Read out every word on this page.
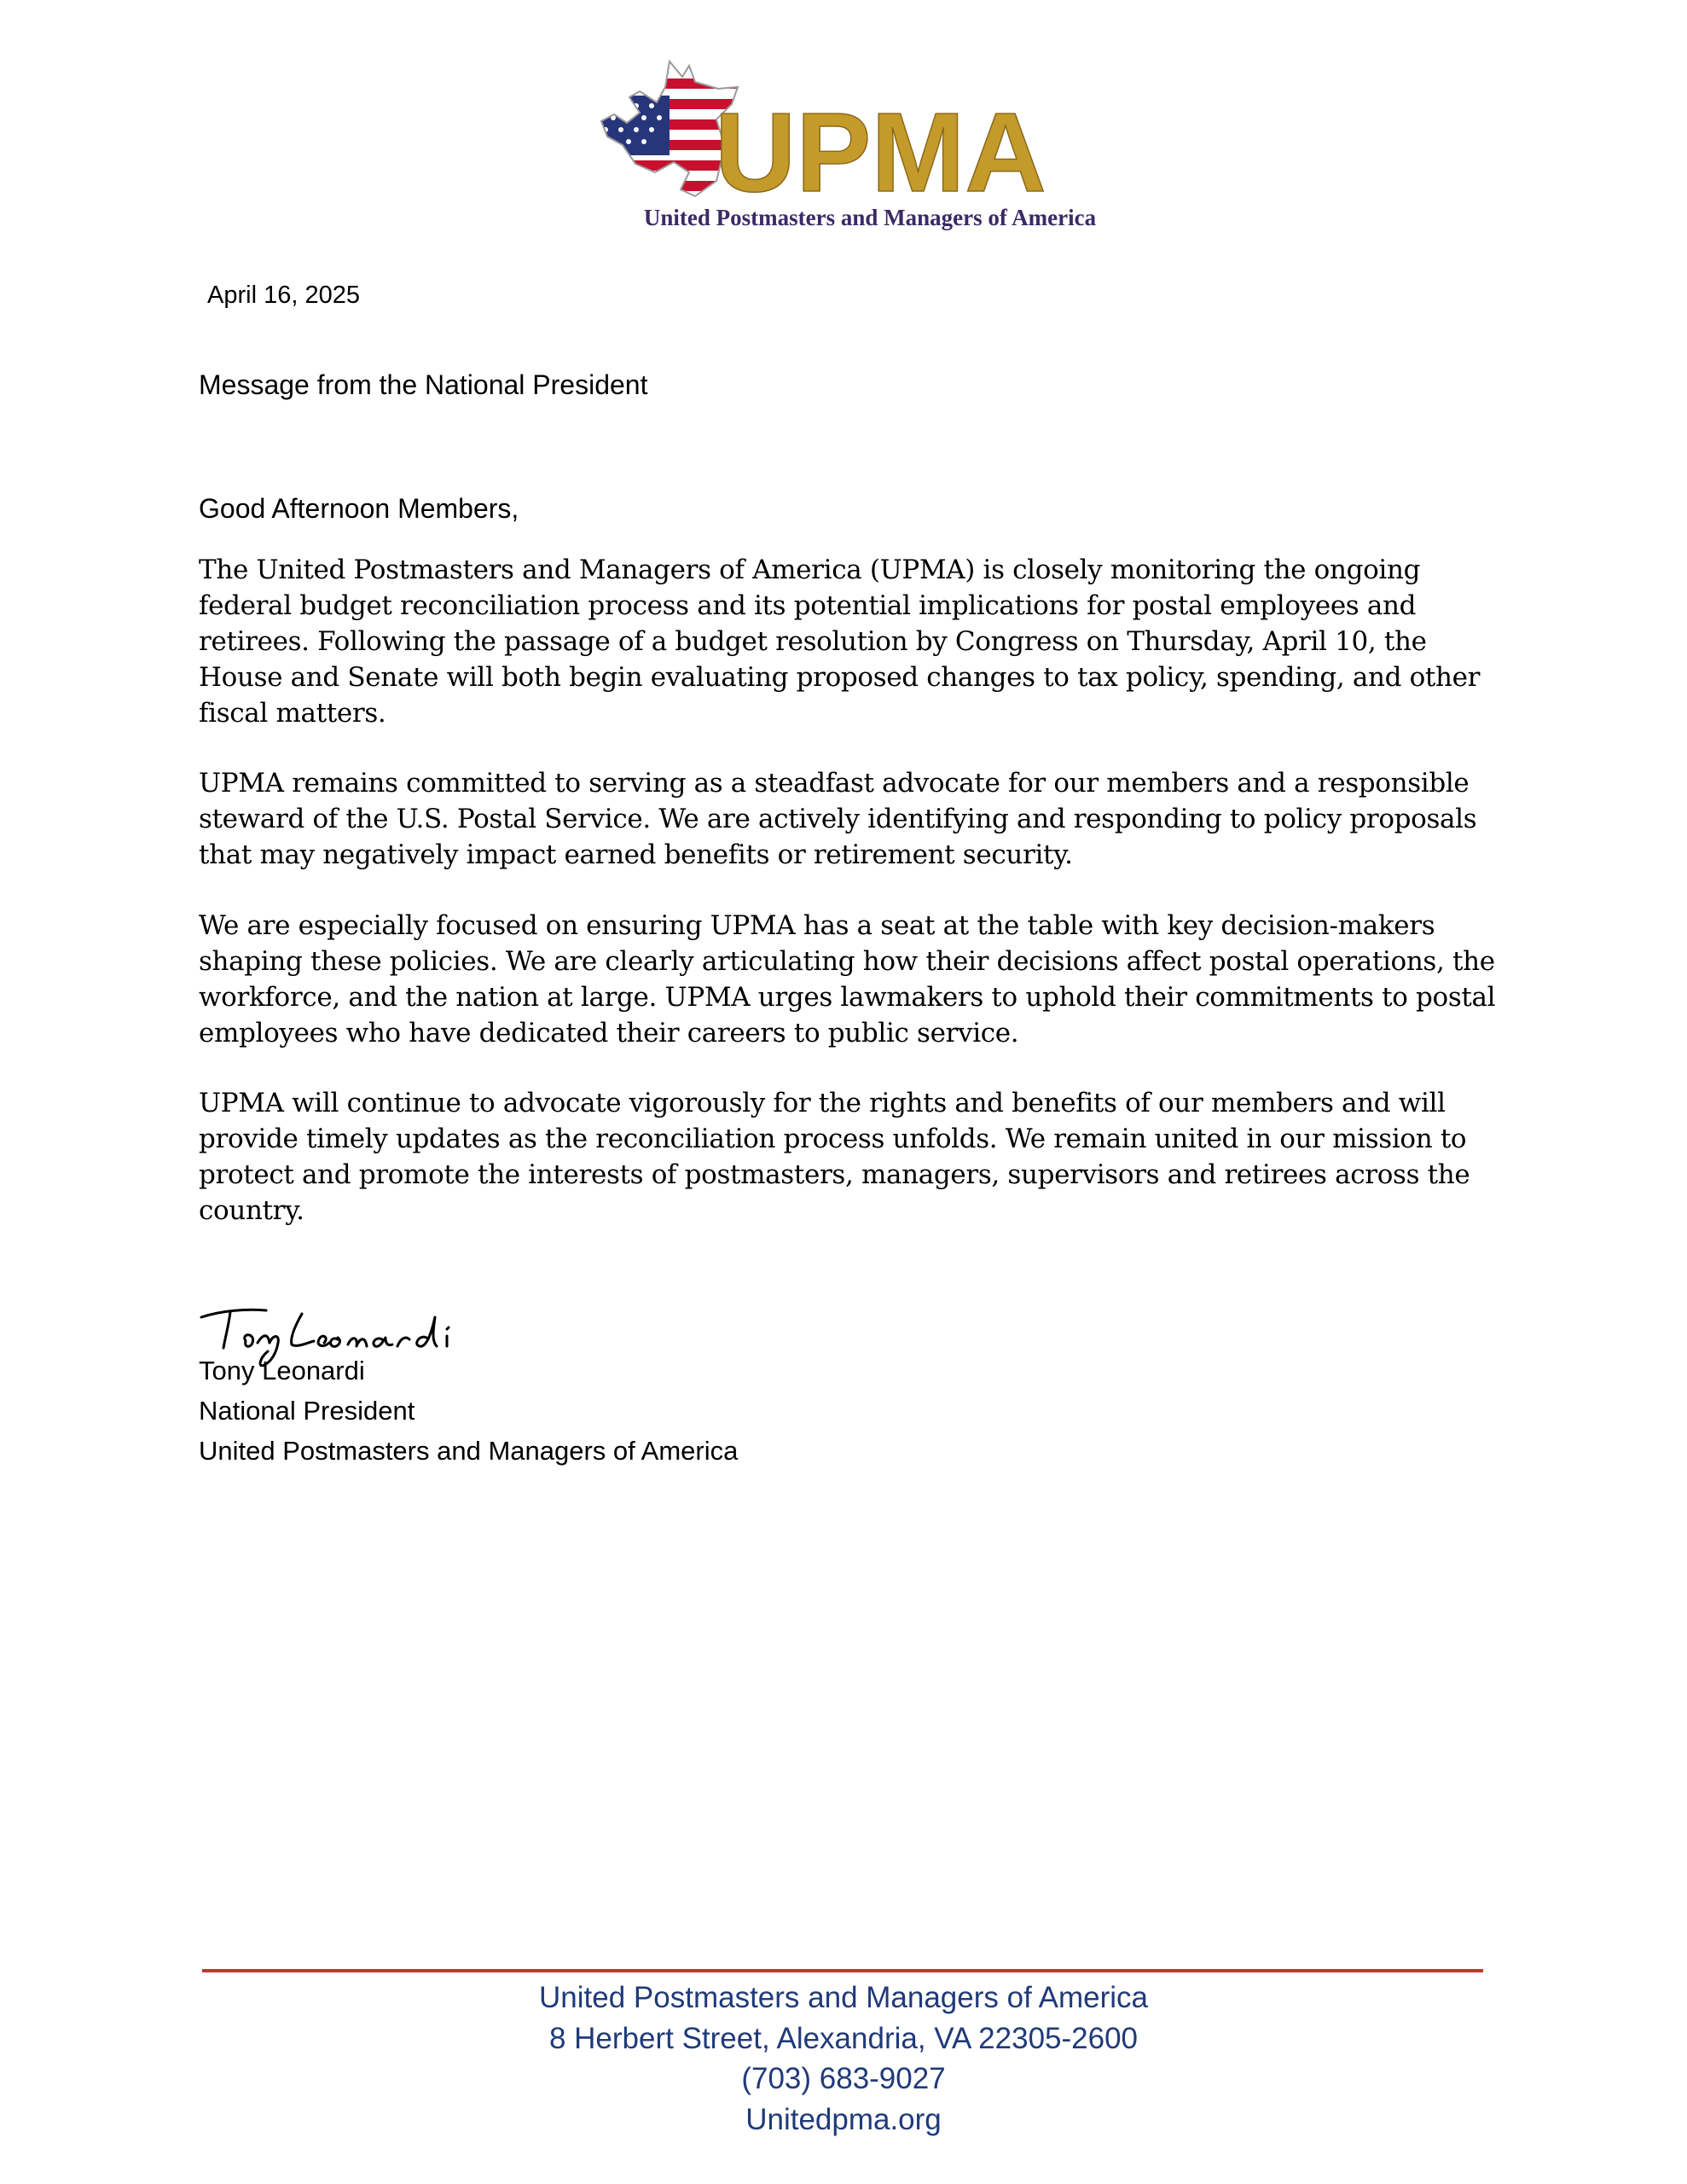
UPMA
United Postmasters and Managers of America
April 16, 2025
Message from the National President
Good Afternoon Members,
The United Postmasters and Managers of America (UPMA) is closely monitoring the ongoing federal budget reconciliation process and its potential implications for postal employees and retirees. Following the passage of a budget resolution by Congress on Thursday, April 10, the House and Senate will both begin evaluating proposed changes to tax policy, spending, and other fiscal matters.
UPMA remains committed to serving as a steadfast advocate for our members and a responsible steward of the U.S. Postal Service. We are actively identifying and responding to policy proposals that may negatively impact earned benefits or retirement security.
We are especially focused on ensuring UPMA has a seat at the table with key decision-makers shaping these policies. We are clearly articulating how their decisions affect postal operations, the workforce, and the nation at large. UPMA urges lawmakers to uphold their commitments to postal employees who have dedicated their careers to public service.
UPMA will continue to advocate vigorously for the rights and benefits of our members and will provide timely updates as the reconciliation process unfolds. We remain united in our mission to protect and promote the interests of postmasters, managers, supervisors and retirees across the country.
Tony Leonardi
National President
United Postmasters and Managers of America
United Postmasters and Managers of America
8 Herbert Street, Alexandria, VA 22305-2600
(703) 683-9027
Unitedpma.org
